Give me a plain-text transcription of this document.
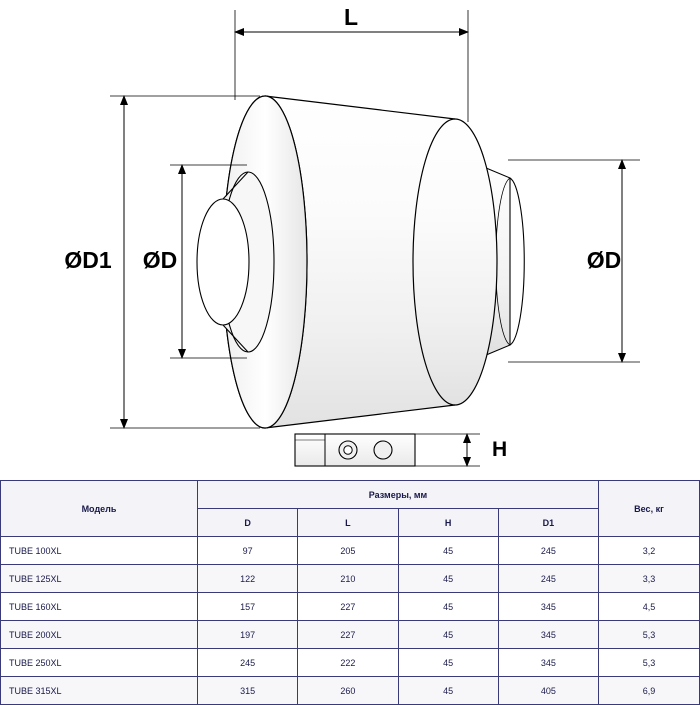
L
ØD1 ØD	ØD
H
Модель	Размеры, мм				Вес, кг
	D	L	H	D1	
TUBE 100XL	97	205	45	245	3,2
TUBE 125XL	122	210	45	245	3,3
TUBE 160XL	157	227	45	345	4,5
TUBE 200XL	197	227	45	345	5,3
TUBE 250XL	245	222	45	345	5,3
TUBE 315XL	315	260	45	405	6,9
